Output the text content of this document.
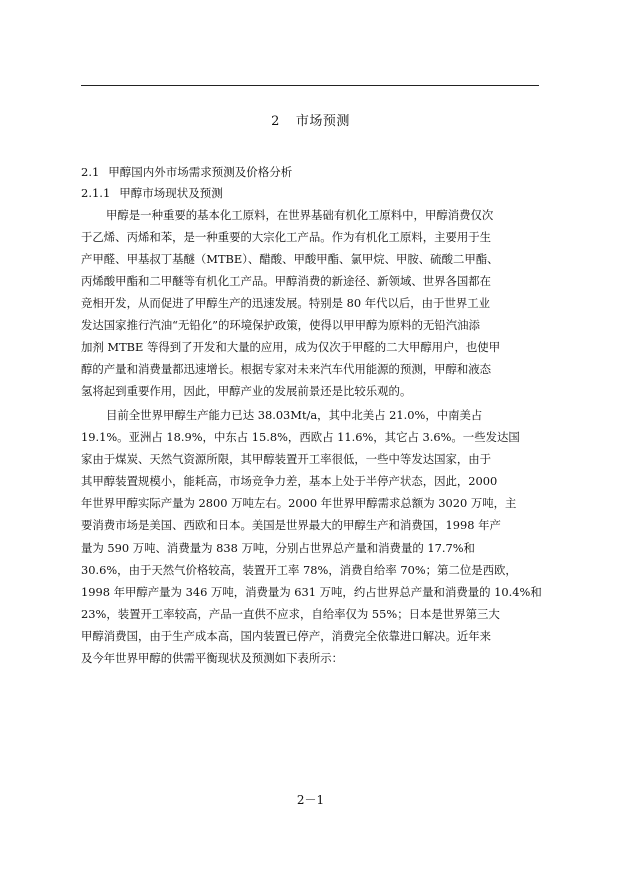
2 市场预测
2.1 甲醇国内外市场需求预测及价格分析
2.1.1 甲醇市场现状及预测
甲醇是一种重要的基本化工原料，在世界基础有机化工原料中，甲醇消费仅次
于乙烯、丙烯和苯，是一种重要的大宗化工产品。作为有机化工原料，主要用于生
产甲醛、甲基叔丁基醚（MTBE）、醋酸、甲酸甲酯、氯甲烷、甲胺、硫酸二甲酯、
丙烯酸甲酯和二甲醚等有机化工产品。甲醇消费的新途径、新领域、世界各国都在
竞相开发，从而促进了甲醇生产的迅速发展。特别是 80 年代以后，由于世界工业
发达国家推行汽油“无铅化”的环境保护政策，使得以甲甲醇为原料的无铅汽油添
加剂 MTBE 等得到了开发和大量的应用，成为仅次于甲醛的二大甲醇用户，也使甲
醇的产量和消费量都迅速增长。根据专家对未来汽车代用能源的预测，甲醇和液态
氢将起到重要作用，因此，甲醇产业的发展前景还是比较乐观的。
目前全世界甲醇生产能力已达 38.03Mt/a，其中北美占 21.0%，中南美占
19.1%。亚洲占 18.9%，中东占 15.8%，西欧占 11.6%，其它占 3.6%。一些发达国
家由于煤炭、天然气资源所限，其甲醇装置开工率很低，一些中等发达国家，由于
其甲醇装置规模小，能耗高，市场竞争力差，基本上处于半停产状态，因此，2000
年世界甲醇实际产量为 2800 万吨左右。2000 年世界甲醇需求总额为 3020 万吨，主
要消费市场是美国、西欧和日本。美国是世界最大的甲醇生产和消费国，1998 年产
量为 590 万吨、消费量为 838 万吨，分别占世界总产量和消费量的 17.7%和
30.6%，由于天然气价格较高，装置开工率 78%，消费自给率 70%；第二位是西欧，
1998 年甲醇产量为 346 万吨，消费量为 631 万吨，约占世界总产量和消费量的 10.4%和
23%，装置开工率较高，产品一直供不应求，自给率仅为 55%；日本是世界第三大
甲醇消费国，由于生产成本高，国内装置已停产，消费完全依靠进口解决。近年来
及今年世界甲醇的供需平衡现状及预测如下表所示：
2－1
